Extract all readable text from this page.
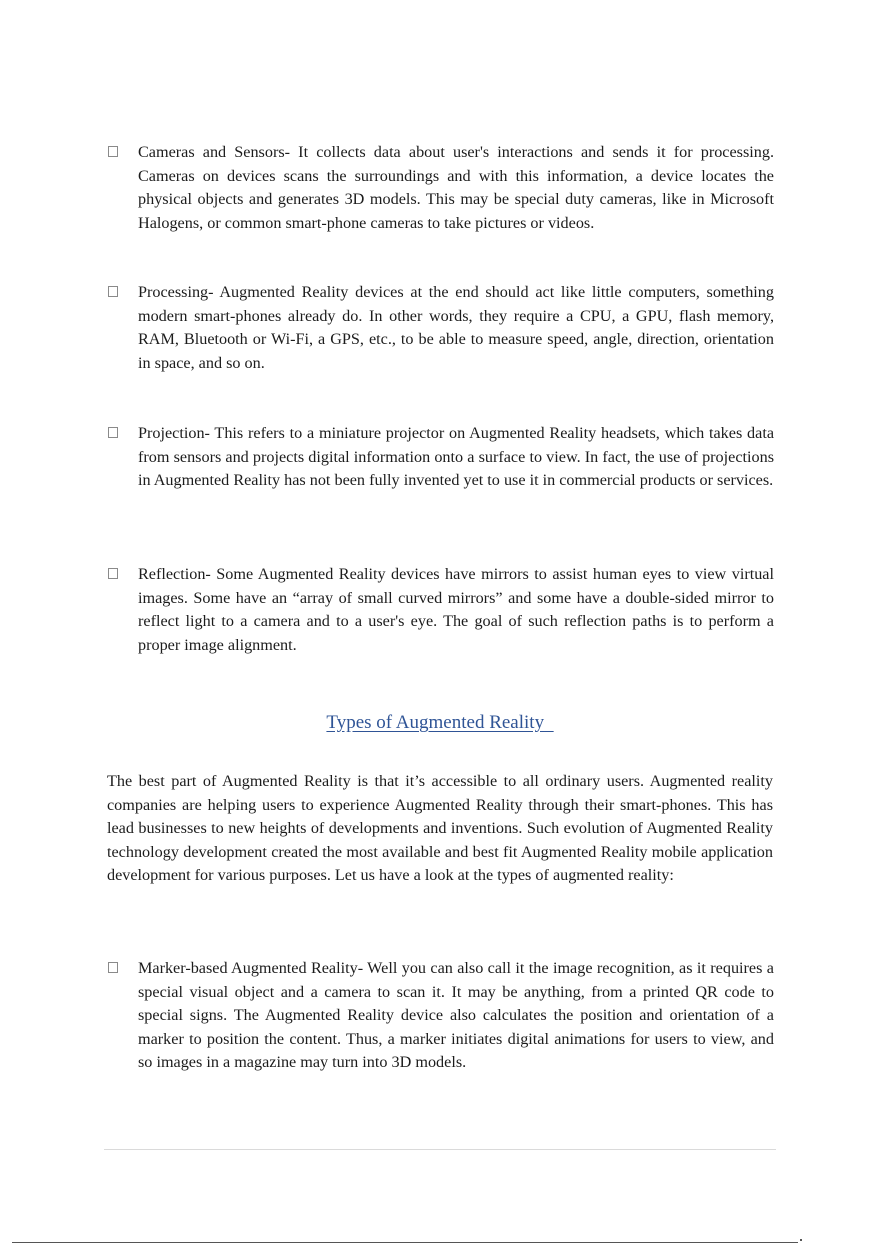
Cameras and Sensors- It collects data about user's interactions and sends it for processing. Cameras on devices scans the surroundings and with this information, a device locates the physical objects and generates 3D models. This may be special duty cameras, like in Microsoft Halogens, or common smart-phone cameras to take pictures or videos.
Processing- Augmented Reality devices at the end should act like little computers, something modern smart-phones already do. In other words, they require a CPU, a GPU, flash memory, RAM, Bluetooth or Wi-Fi, a GPS, etc., to be able to measure speed, angle, direction, orientation in space, and so on.
Projection- This refers to a miniature projector on Augmented Reality headsets, which takes data from sensors and projects digital information onto a surface to view. In fact, the use of projections in Augmented Reality has not been fully invented yet to use it in commercial products or services.
Reflection- Some Augmented Reality devices have mirrors to assist human eyes to view virtual images. Some have an “array of small curved mirrors” and some have a double-sided mirror to reflect light to a camera and to a user's eye. The goal of such reflection paths is to perform a proper image alignment.
Types of Augmented Reality
The best part of Augmented Reality is that it’s accessible to all ordinary users. Augmented reality companies are helping users to experience Augmented Reality through their smart-phones. This has lead businesses to new heights of developments and inventions. Such evolution of Augmented Reality technology development created the most available and best fit Augmented Reality mobile application development for various purposes. Let us have a look at the types of augmented reality:
Marker-based Augmented Reality- Well you can also call it the image recognition, as it requires a special visual object and a camera to scan it. It may be anything, from a printed QR code to special signs. The Augmented Reality device also calculates the position and orientation of a marker to position the content. Thus, a marker initiates digital animations for users to view, and so images in a magazine may turn into 3D models.
